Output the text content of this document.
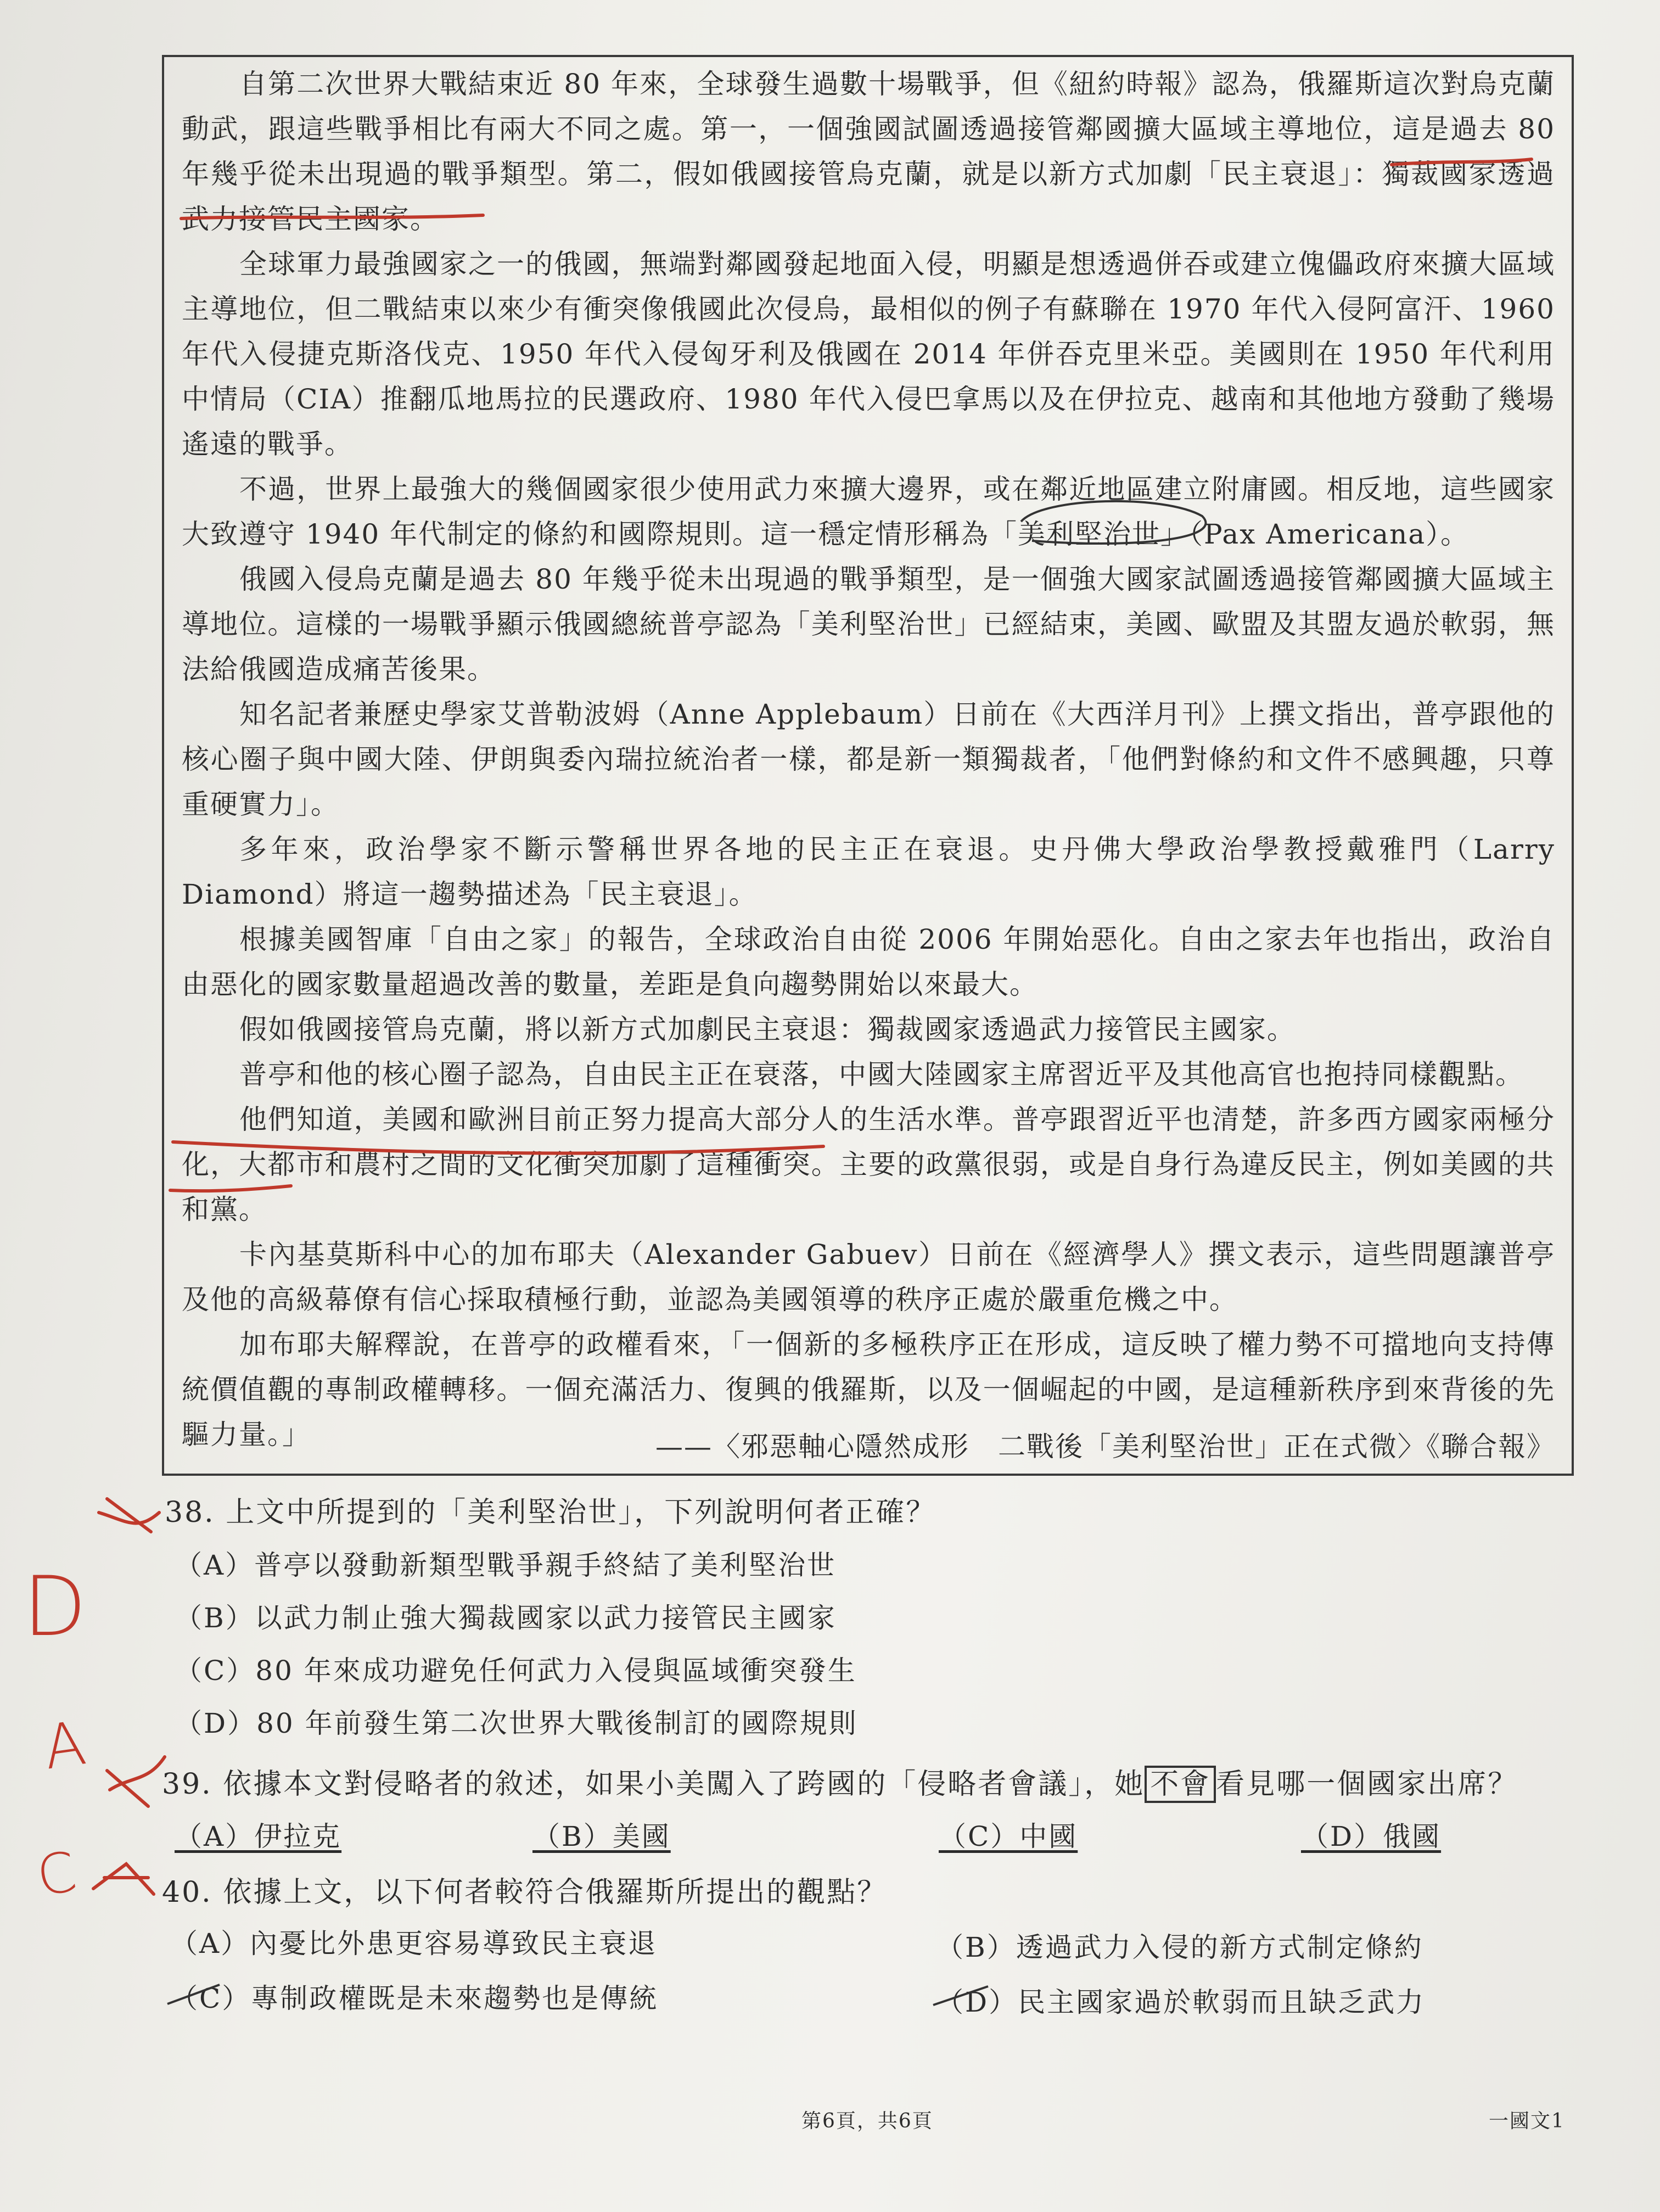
自第二次世界大戰結束近 80 年來，全球發生過數十場戰爭，但《紐約時報》認為，俄羅斯這次對烏克蘭動武，跟這些戰爭相比有兩大不同之處。第一，一個強國試圖透過接管鄰國擴大區域主導地位，這是過去 80 年幾乎從未出現過的戰爭類型。第二，假如俄國接管烏克蘭，就是以新方式加劇「民主衰退」：獨裁國家透過武力接管民主國家。

全球軍力最強國家之一的俄國，無端對鄰國發起地面入侵，明顯是想透過併吞或建立傀儡政府來擴大區域主導地位，但二戰結束以來少有衝突像俄國此次侵烏，最相似的例子有蘇聯在 1970 年代入侵阿富汗、1960 年代入侵捷克斯洛伐克、1950 年代入侵匈牙利及俄國在 2014 年併吞克里米亞。美國則在 1950 年代利用中情局（CIA）推翻瓜地馬拉的民選政府、1980 年代入侵巴拿馬以及在伊拉克、越南和其他地方發動了幾場遙遠的戰爭。

不過，世界上最強大的幾個國家很少使用武力來擴大邊界，或在鄰近地區建立附庸國。相反地，這些國家大致遵守 1940 年代制定的條約和國際規則。這一穩定情形稱為「美利堅治世」（Pax Americana）。

俄國入侵烏克蘭是過去 80 年幾乎從未出現過的戰爭類型，是一個強大國家試圖透過接管鄰國擴大區域主導地位。這樣的一場戰爭顯示俄國總統普亭認為「美利堅治世」已經結束，美國、歐盟及其盟友過於軟弱，無法給俄國造成痛苦後果。

知名記者兼歷史學家艾普勒波姆（Anne Applebaum）日前在《大西洋月刊》上撰文指出，普亭跟他的核心圈子與中國大陸、伊朗與委內瑞拉統治者一樣，都是新一類獨裁者，「他們對條約和文件不感興趣，只尊重硬實力」。

多年來，政治學家不斷示警稱世界各地的民主正在衰退。史丹佛大學政治學教授戴雅門（Larry Diamond）將這一趨勢描述為「民主衰退」。

根據美國智庫「自由之家」的報告，全球政治自由從 2006 年開始惡化。自由之家去年也指出，政治自由惡化的國家數量超過改善的數量，差距是負向趨勢開始以來最大。

假如俄國接管烏克蘭，將以新方式加劇民主衰退：獨裁國家透過武力接管民主國家。

普亭和他的核心圈子認為，自由民主正在衰落，中國大陸國家主席習近平及其他高官也抱持同樣觀點。

他們知道，美國和歐洲目前正努力提高大部分人的生活水準。普亭跟習近平也清楚，許多西方國家兩極分化，大都市和農村之間的文化衝突加劇了這種衝突。主要的政黨很弱，或是自身行為違反民主，例如美國的共和黨。

卡內基莫斯科中心的加布耶夫（Alexander Gabuev）日前在《經濟學人》撰文表示，這些問題讓普亭及他的高級幕僚有信心採取積極行動，並認為美國領導的秩序正處於嚴重危機之中。

加布耶夫解釋說，在普亭的政權看來，「一個新的多極秩序正在形成，這反映了權力勢不可擋地向支持傳統價值觀的專制政權轉移。一個充滿活力、復興的俄羅斯，以及一個崛起的中國，是這種新秩序到來背後的先驅力量。」	——〈邪惡軸心隱然成形　二戰後「美利堅治世」正在式微〉《聯合報》
38. 上文中所提到的「美利堅治世」，下列說明何者正確？
（A）普亭以發動新類型戰爭親手終結了美利堅治世
（B）以武力制止強大獨裁國家以武力接管民主國家
（C）80 年來成功避免任何武力入侵與區域衝突發生
（D）80 年前發生第二次世界大戰後制訂的國際規則
39. 依據本文對侵略者的敘述，如果小美闖入了跨國的「侵略者會議」，她 不會 看見哪一個國家出席？
（A）伊拉克	（B）美國	（C）中國	（D）俄國
40. 依據上文，以下何者較符合俄羅斯所提出的觀點？
（A）內憂比外患更容易導致民主衰退	（B）透過武力入侵的新方式制定條約
（C）專制政權既是未來趨勢也是傳統	（D）民主國家過於軟弱而且缺乏武力
D
A
C
第6頁，共6頁	一國文1
